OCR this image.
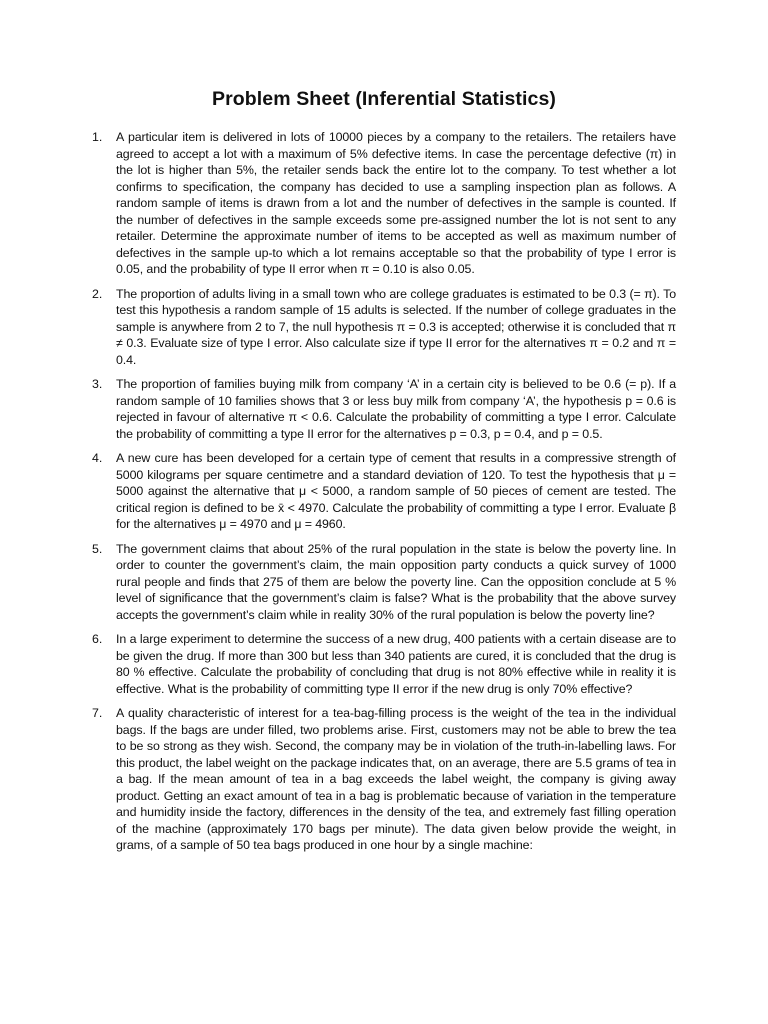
Problem Sheet (Inferential Statistics)
1. A particular item is delivered in lots of 10000 pieces by a company to the retailers. The retailers have agreed to accept a lot with a maximum of 5% defective items. In case the percentage defective (π) in the lot is higher than 5%, the retailer sends back the entire lot to the company. To test whether a lot confirms to specification, the company has decided to use a sampling inspection plan as follows. A random sample of items is drawn from a lot and the number of defectives in the sample is counted. If the number of defectives in the sample exceeds some pre-assigned number the lot is not sent to any retailer. Determine the approximate number of items to be accepted as well as maximum number of defectives in the sample up-to which a lot remains acceptable so that the probability of type I error is 0.05, and the probability of type II error when π = 0.10 is also 0.05.
2. The proportion of adults living in a small town who are college graduates is estimated to be 0.3 (= π). To test this hypothesis a random sample of 15 adults is selected. If the number of college graduates in the sample is anywhere from 2 to 7, the null hypothesis π = 0.3 is accepted; otherwise it is concluded that π ≠ 0.3. Evaluate size of type I error. Also calculate size if type II error for the alternatives π = 0.2 and π = 0.4.
3. The proportion of families buying milk from company ‘A’ in a certain city is believed to be 0.6 (= p). If a random sample of 10 families shows that 3 or less buy milk from company ‘A’, the hypothesis p = 0.6 is rejected in favour of alternative π < 0.6. Calculate the probability of committing a type I error. Calculate the probability of committing a type II error for the alternatives p = 0.3, p = 0.4, and p = 0.5.
4. A new cure has been developed for a certain type of cement that results in a compressive strength of 5000 kilograms per square centimetre and a standard deviation of 120. To test the hypothesis that μ = 5000 against the alternative that μ < 5000, a random sample of 50 pieces of cement are tested. The critical region is defined to be x̄ < 4970. Calculate the probability of committing a type I error. Evaluate β for the alternatives μ = 4970 and μ = 4960.
5. The government claims that about 25% of the rural population in the state is below the poverty line. In order to counter the government’s claim, the main opposition party conducts a quick survey of 1000 rural people and finds that 275 of them are below the poverty line. Can the opposition conclude at 5 % level of significance that the government’s claim is false? What is the probability that the above survey accepts the government’s claim while in reality 30% of the rural population is below the poverty line?
6. In a large experiment to determine the success of a new drug, 400 patients with a certain disease are to be given the drug. If more than 300 but less than 340 patients are cured, it is concluded that the drug is 80 % effective. Calculate the probability of concluding that drug is not 80% effective while in reality it is effective. What is the probability of committing type II error if the new drug is only 70% effective?
7. A quality characteristic of interest for a tea-bag-filling process is the weight of the tea in the individual bags. If the bags are under filled, two problems arise. First, customers may not be able to brew the tea to be so strong as they wish. Second, the company may be in violation of the truth-in-labelling laws. For this product, the label weight on the package indicates that, on an average, there are 5.5 grams of tea in a bag. If the mean amount of tea in a bag exceeds the label weight, the company is giving away product. Getting an exact amount of tea in a bag is problematic because of variation in the temperature and humidity inside the factory, differences in the density of the tea, and extremely fast filling operation of the machine (approximately 170 bags per minute). The data given below provide the weight, in grams, of a sample of 50 tea bags produced in one hour by a single machine:
